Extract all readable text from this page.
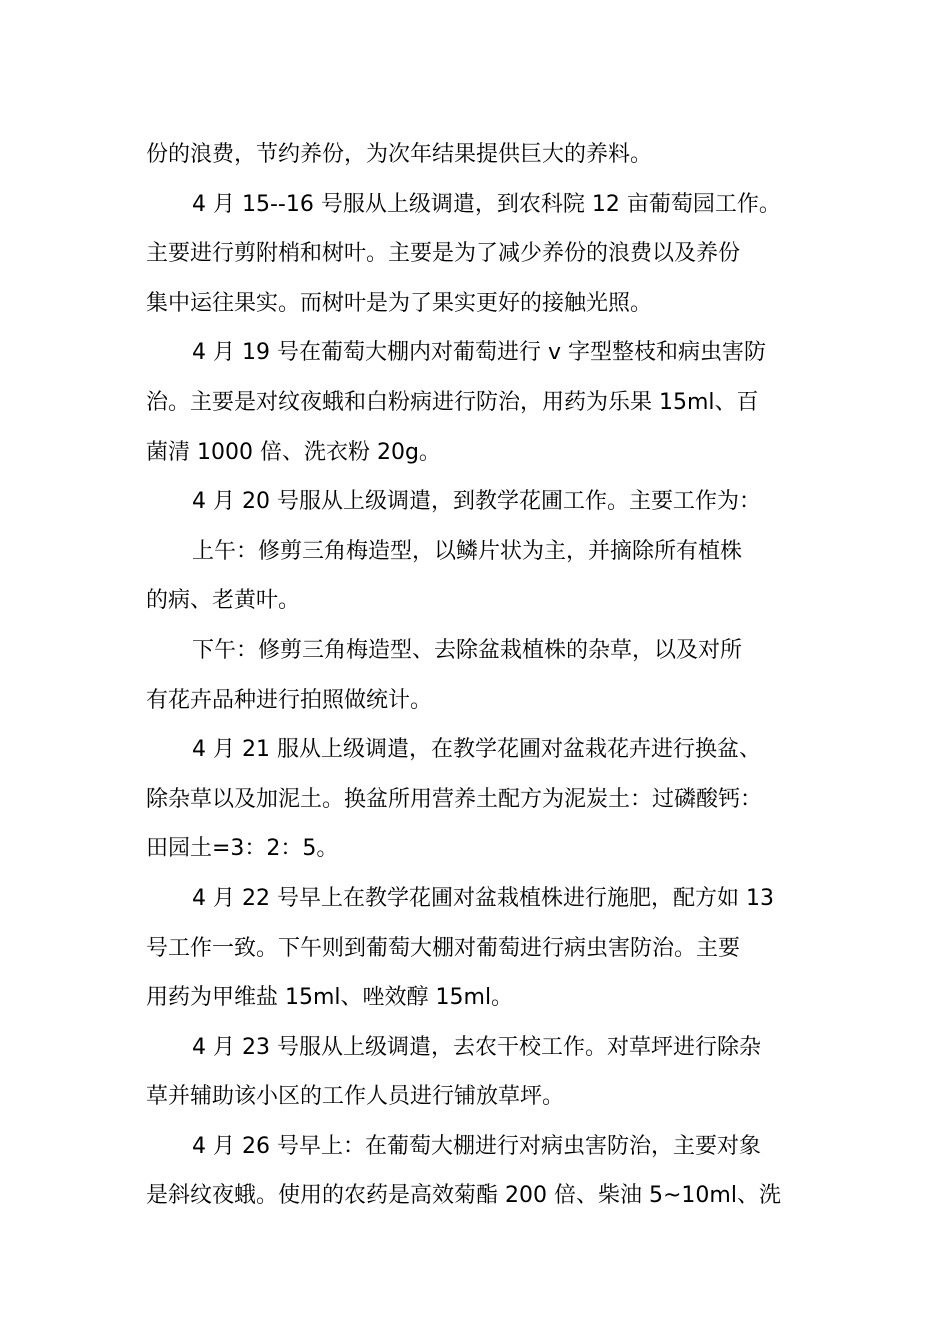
份的浪费，节约养份，为次年结果提供巨大的养料。
4 月 15--16 号服从上级调遣，到农科院 12 亩葡萄园工作。
主要进行剪附梢和树叶。主要是为了减少养份的浪费以及养份
集中运往果实。而树叶是为了果实更好的接触光照。
4 月 19 号在葡萄大棚内对葡萄进行 v 字型整枝和病虫害防
治。主要是对纹夜蛾和白粉病进行防治，用药为乐果 15ml、百
菌清 1000 倍、洗衣粉 20g。
4 月 20 号服从上级调遣，到教学花圃工作。主要工作为：
上午：修剪三角梅造型，以鳞片状为主，并摘除所有植株
的病、老黄叶。
下午：修剪三角梅造型、去除盆栽植株的杂草，以及对所
有花卉品种进行拍照做统计。
4 月 21 服从上级调遣，在教学花圃对盆栽花卉进行换盆、
除杂草以及加泥土。换盆所用营养土配方为泥炭土：过磷酸钙：
田园土=3：2：5。
4 月 22 号早上在教学花圃对盆栽植株进行施肥，配方如 13
号工作一致。下午则到葡萄大棚对葡萄进行病虫害防治。主要
用药为甲维盐 15ml、唑效醇 15ml。
4 月 23 号服从上级调遣，去农干校工作。对草坪进行除杂
草并辅助该小区的工作人员进行铺放草坪。
4 月 26 号早上：在葡萄大棚进行对病虫害防治，主要对象
是斜纹夜蛾。使用的农药是高效菊酯 200 倍、柴油 5~10ml、洗
